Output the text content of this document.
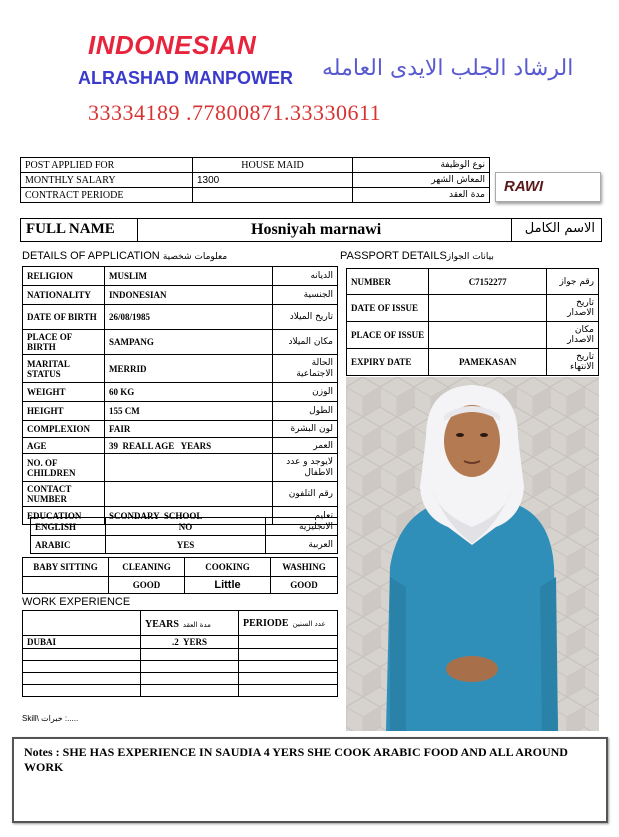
INDONESIAN
ALRASHAD MANPOWER الرشاد الجلب الايدى العامله
33334189 .77800871.33330611
POST APPLIED FOR	HOUSE MAID	نوع الوظيفة
MONTHLY SALARY	1300	المعاش الشهر
CONTRACT PERIODE		مدة العقد RAWI
FULL NAME	Hosniyah marnawi	الاسم الكامل
DETAILS OF APPLICATION معلومات شخصية	PASSPORT DETAILSبيانات الجواز
RELIGION	MUSLIM	الديانه
NATIONALITY	INDONESIAN	الجنسية
DATE OF BIRTH	26/08/1985	تاريخ الميلاد
PLACE OF BIRTH	SAMPANG	مكان الميلاد
MARITAL STATUS	MERRID	الحالة الاجتماعية
WEIGHT	60 KG	الوزن
HEIGHT	155 CM	الطول
COMPLEXION	FAIR	لون البشرة
AGE	39  REALL AGE   YEARS	العمر
NO. OF CHILDREN		لايوجد و عدد الاطفال
CONTACT NUMBER		رقم التلفون
EDUCATION	SCONDARY  SCHOOL	تعليم
ENGLISH	NO	الانجليزية
ARABIC	YES	العربية
BABY SITTING	CLEANING	COOKING	WASHING
	GOOD	Little	GOOD
WORK EXPERIENCE
	YEARS مدة العقد	PERIODE عدد السنين
DUBAI	.2  YERS	

Skill\ خبرات :.....
NUMBER	C7152277	رقم جواز
DATE OF ISSUE		تاريخ الاصدار
PLACE OF ISSUE		مكان الاصدار
EXPIRY DATE	PAMEKASAN	تاريخ الانتهاء
Notes : SHE HAS EXPERIENCE IN SAUDIA 4 YERS SHE COOK ARABIC FOOD AND ALL AROUND WORK
